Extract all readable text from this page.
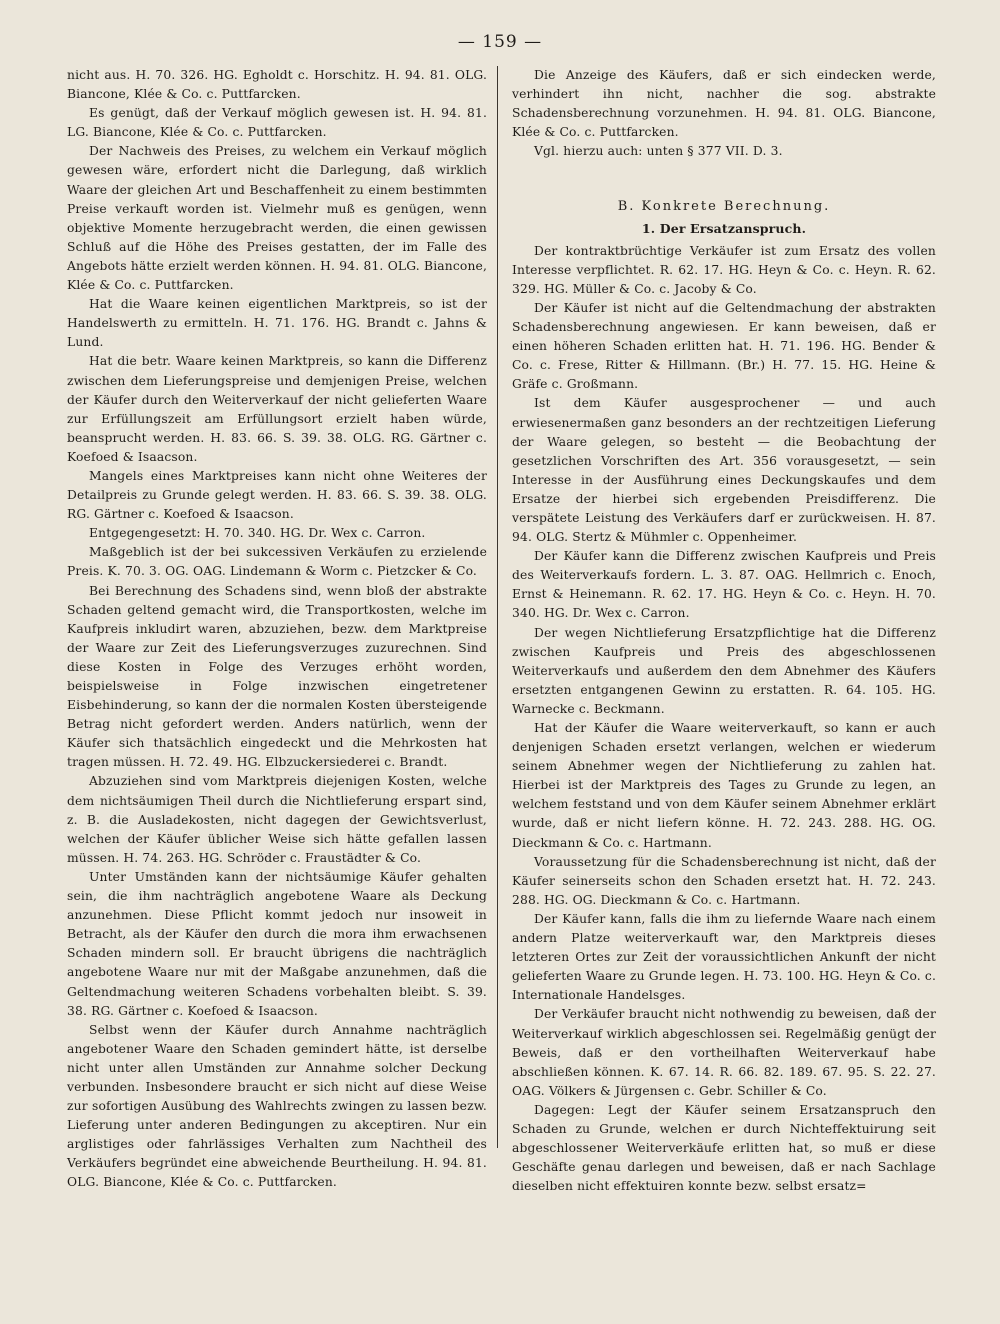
— 159 —

nicht aus. H. 70. 326. HG. Egholdt c. Horschitz. H. 94. 81. OLG. Biancone, Klée & Co. c. Puttfarcken.

Es genügt, daß der Verkauf möglich gewesen ist. H. 94. 81. LG. Biancone, Klée & Co. c. Puttfarcken.

Der Nachweis des Preises, zu welchem ein Verkauf möglich gewesen wäre, erfordert nicht die Darlegung, daß wirklich Waare der gleichen Art und Beschaffenheit zu einem bestimmten Preise verkauft worden ist. Vielmehr muß es genügen, wenn objektive Momente herzugebracht werden, die einen gewissen Schluß auf die Höhe des Preises gestatten, der im Falle des Angebots hätte erzielt werden können. H. 94. 81. OLG. Biancone, Klée & Co. c. Puttfarcken.

Hat die Waare keinen eigentlichen Marktpreis, so ist der Handelswerth zu ermitteln. H. 71. 176. HG. Brandt c. Jahns & Lund.

Hat die betr. Waare keinen Marktpreis, so kann die Differenz zwischen dem Lieferungspreise und demjenigen Preise, welchen der Käufer durch den Weiterverkauf der nicht gelieferten Waare zur Erfüllungszeit am Erfüllungsort erzielt haben würde, beansprucht werden. H. 83. 66. S. 39. 38. OLG. RG. Gärtner c. Koefoed & Isaacson.

Mangels eines Marktpreises kann nicht ohne Weiteres der Detailpreis zu Grunde gelegt werden. H. 83. 66. S. 39. 38. OLG. RG. Gärtner c. Koefoed & Isaacson.

Entgegengesetzt: H. 70. 340. HG. Dr. Wex c. Carron.

Maßgeblich ist der bei sukcessiven Verkäufen zu erzielende Preis. K. 70. 3. OG. OAG. Lindemann & Worm c. Pietzcker & Co.

Bei Berechnung des Schadens sind, wenn bloß der abstrakte Schaden geltend gemacht wird, die Transportkosten, welche im Kaufpreis inkludirt waren, abzuziehen, bezw. dem Marktpreise der Waare zur Zeit des Lieferungsverzuges zuzurechnen. Sind diese Kosten in Folge des Verzuges erhöht worden, beispielsweise in Folge inzwischen eingetretener Eisbehinderung, so kann der die normalen Kosten übersteigende Betrag nicht gefordert werden. Anders natürlich, wenn der Käufer sich thatsächlich eingedeckt und die Mehrkosten hat tragen müssen. H. 72. 49. HG. Elbzuckersiederei c. Brandt.

Abzuziehen sind vom Marktpreis diejenigen Kosten, welche dem nichtsäumigen Theil durch die Nichtlieferung erspart sind, z. B. die Ausladekosten, nicht dagegen der Gewichtsverlust, welchen der Käufer üblicher Weise sich hätte gefallen lassen müssen. H. 74. 263. HG. Schröder c. Fraustädter & Co.

Unter Umständen kann der nichtsäumige Käufer gehalten sein, die ihm nachträglich angebotene Waare als Deckung anzunehmen. Diese Pflicht kommt jedoch nur insoweit in Betracht, als der Käufer den durch die mora ihm erwachsenen Schaden mindern soll. Er braucht übrigens die nachträglich angebotene Waare nur mit der Maßgabe anzunehmen, daß die Geltendmachung weiteren Schadens vorbehalten bleibt. S. 39. 38. RG. Gärtner c. Koefoed & Isaacson.

Selbst wenn der Käufer durch Annahme nachträglich angebotener Waare den Schaden gemindert hätte, ist derselbe nicht unter allen Umständen zur Annahme solcher Deckung verbunden. Insbesondere braucht er sich nicht auf diese Weise zur sofortigen Ausübung des Wahlrechts zwingen zu lassen bezw. Lieferung unter anderen Bedingungen zu akceptiren. Nur ein arglistiges oder fahrlässiges Verhalten zum Nachtheil des Verkäufers begründet eine abweichende Beurtheilung. H. 94. 81. OLG. Biancone, Klée & Co. c. Puttfarcken.

Die Anzeige des Käufers, daß er sich eindecken werde, verhindert ihn nicht, nachher die sog. abstrakte Schadensberechnung vorzunehmen. H. 94. 81. OLG. Biancone, Klée & Co. c. Puttfarcken.

Vgl. hierzu auch: unten § 377 VII. D. 3.

B. Konkrete Berechnung.
1. Der Ersatzanspruch.

Der kontraktbrüchtige Verkäufer ist zum Ersatz des vollen Interesse verpflichtet. R. 62. 17. HG. Heyn & Co. c. Heyn. R. 62. 329. HG. Müller & Co. c. Jacoby & Co.

Der Käufer ist nicht auf die Geltendmachung der abstrakten Schadensberechnung angewiesen. Er kann beweisen, daß er einen höheren Schaden erlitten hat. H. 71. 196. HG. Bender & Co. c. Frese, Ritter & Hillmann. (Br.) H. 77. 15. HG. Heine & Gräfe c. Großmann.

Ist dem Käufer ausgesprochener — und auch erwiesenermaßen ganz besonders an der rechtzeitigen Lieferung der Waare gelegen, so besteht — die Beobachtung der gesetzlichen Vorschriften des Art. 356 vorausgesetzt, — sein Interesse in der Ausführung eines Deckungskaufes und dem Ersatze der hierbei sich ergebenden Preisdifferenz. Die verspätete Leistung des Verkäufers darf er zurückweisen. H. 87. 94. OLG. Stertz & Mühmler c. Oppenheimer.

Der Käufer kann die Differenz zwischen Kaufpreis und Preis des Weiterverkaufs fordern. L. 3. 87. OAG. Hellmrich c. Enoch, Ernst & Heinemann. R. 62. 17. HG. Heyn & Co. c. Heyn. H. 70. 340. HG. Dr. Wex c. Carron.

Der wegen Nichtlieferung Ersatzpflichtige hat die Differenz zwischen Kaufpreis und Preis des abgeschlossenen Weiterverkaufs und außerdem den dem Abnehmer des Käufers ersetzten entgangenen Gewinn zu erstatten. R. 64. 105. HG. Warnecke c. Beckmann.

Hat der Käufer die Waare weiterverkauft, so kann er auch denjenigen Schaden ersetzt verlangen, welchen er wiederum seinem Abnehmer wegen der Nichtlieferung zu zahlen hat. Hierbei ist der Marktpreis des Tages zu Grunde zu legen, an welchem feststand und von dem Käufer seinem Abnehmer erklärt wurde, daß er nicht liefern könne. H. 72. 243. 288. HG. OG. Dieckmann & Co. c. Hartmann.

Voraussetzung für die Schadensberechnung ist nicht, daß der Käufer seinerseits schon den Schaden ersetzt hat. H. 72. 243. 288. HG. OG. Dieckmann & Co. c. Hartmann.

Der Käufer kann, falls die ihm zu liefernde Waare nach einem andern Platze weiterverkauft war, den Marktpreis dieses letzteren Ortes zur Zeit der voraussichtlichen Ankunft der nicht gelieferten Waare zu Grunde legen. H. 73. 100. HG. Heyn & Co. c. Internationale Handelsges.

Der Verkäufer braucht nicht nothwendig zu beweisen, daß der Weiterverkauf wirklich abgeschlossen sei. Regelmäßig genügt der Beweis, daß er den vortheilhaften Weiterverkauf habe abschließen können. K. 67. 14. R. 66. 82. 189. 67. 95. S. 22. 27. OAG. Völkers & Jürgensen c. Gebr. Schiller & Co.

Dagegen: Legt der Käufer seinem Ersatzanspruch den Schaden zu Grunde, welchen er durch Nichteffektuirung seit abgeschlossener Weiterverkäufe erlitten hat, so muß er diese Geschäfte genau darlegen und beweisen, daß er nach Sachlage dieselben nicht effektuiren konnte bezw. selbst ersatz=
